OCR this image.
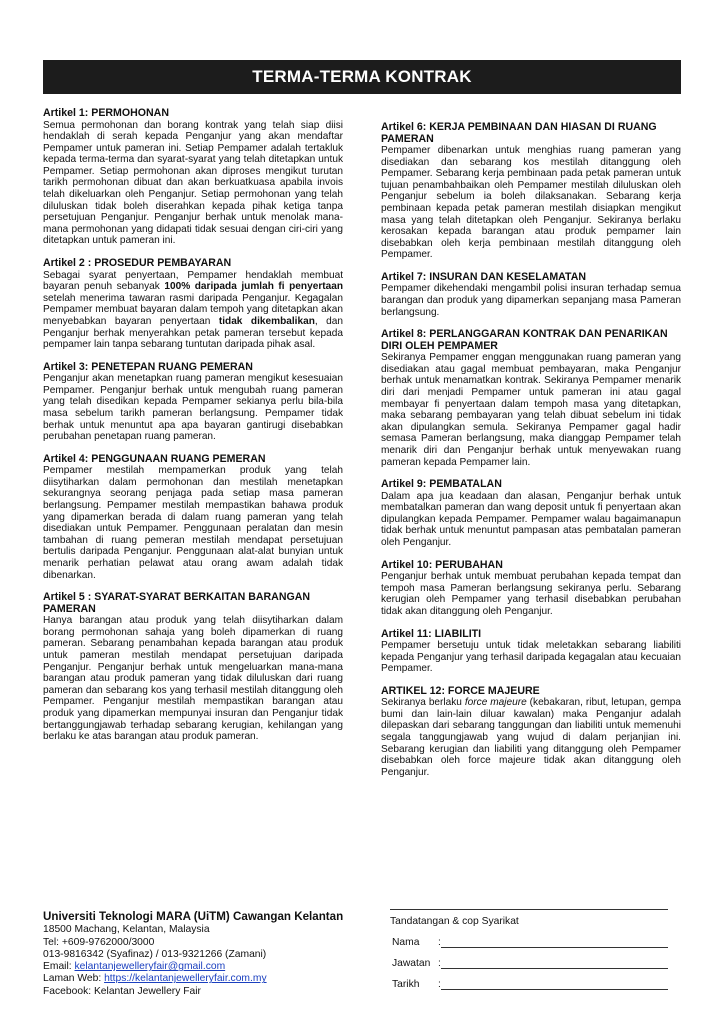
TERMA-TERMA KONTRAK
Artikel 1: PERMOHONAN

Semua permohonan dan borang kontrak yang telah siap diisi hendaklah di serah kepada Penganjur yang akan mendaftar Pempamer untuk pameran ini. Setiap Pempamer adalah tertakluk kepada terma-terma dan syarat-syarat yang telah ditetapkan untuk Pempamer. Setiap permohonan akan diproses mengikut turutan tarikh permohonan dibuat dan akan berkuatkuasa apabila invois telah dikeluarkan oleh Penganjur. Setiap permohonan yang telah diluluskan tidak boleh diserahkan kepada pihak ketiga tanpa persetujuan Penganjur. Penganjur berhak untuk menolak mana-mana permohonan yang didapati tidak sesuai dengan ciri-ciri yang ditetapkan untuk pameran ini.

Artikel 2 : PROSEDUR PEMBAYARAN

Sebagai syarat penyertaan, Pempamer hendaklah membuat bayaran penuh sebanyak 100% daripada jumlah fi penyertaan setelah menerima tawaran rasmi daripada Penganjur. Kegagalan Pempamer membuat bayaran dalam tempoh yang ditetapkan akan menyebabkan bayaran penyertaan tidak dikembalikan, dan Penganjur berhak menyerahkan petak pameran tersebut kepada pempamer lain tanpa sebarang tuntutan daripada pihak asal.

Artikel 3: PENETEPAN RUANG PEMERAN

Penganjur akan menetapkan ruang pameran mengikut kesesuaian Pempamer. Penganjur berhak untuk mengubah ruang pameran yang telah disedikan kepada Pempamer sekianya perlu bila-bila masa sebelum tarikh pameran berlangsung. Pempamer tidak berhak untuk menuntut apa apa bayaran gantirugi disebabkan perubahan penetapan ruang pameran.

Artikel 4: PENGGUNAAN RUANG PEMERAN

Pempamer mestilah mempamerkan produk yang telah diisytiharkan dalam permohonan dan mestilah menetapkan sekurangnya seorang penjaga pada setiap masa pameran berlangsung. Pempamer mestilah mempastikan bahawa produk yang dipamerkan berada di dalam ruang pameran yang telah disediakan untuk Pempamer. Penggunaan peralatan dan mesin tambahan di ruang pemeran mestilah mendapat persetujuan bertulis daripada Penganjur. Penggunaan alat-alat bunyian untuk menarik perhatian pelawat atau orang awam adalah tidak dibenarkan.

Artikel 5 : SYARAT-SYARAT BERKAITAN BARANGAN PAMERAN

Hanya barangan atau produk yang telah diisytiharkan dalam borang permohonan sahaja yang boleh dipamerkan di ruang pameran. Sebarang penambahan kepada barangan atau produk untuk pameran mestilah mendapat persetujuan daripada Penganjur. Penganjur berhak untuk mengeluarkan mana-mana barangan atau produk pameran yang tidak diluluskan dari ruang pameran dan sebarang kos yang terhasil mestilah ditanggung oleh Pempamer. Penganjur mestilah mempastikan barangan atau produk yang dipamerkan mempunyai insuran dan Penganjur tidak bertanggungjawab terhadap sebarang kerugian, kehilangan yang berlaku ke atas barangan atau produk pameran.

Artikel 6: KERJA PEMBINAAN DAN HIASAN DI RUANG PAMERAN

Pempamer dibenarkan untuk menghias ruang pameran yang disediakan dan sebarang kos mestilah ditanggung oleh Pempamer. Sebarang kerja pembinaan pada petak pameran untuk tujuan penambahbaikan oleh Pempamer mestilah diluluskan oleh Penganjur sebelum ia boleh dilaksanakan. Sebarang kerja pembinaan kepada petak pameran mestilah disiapkan mengikut masa yang telah ditetapkan oleh Penganjur. Sekiranya berlaku kerosakan kepada barangan atau produk pempamer lain disebabkan oleh kerja pembinaan mestilah ditanggung oleh Pempamer.

Artikel 7: INSURAN DAN KESELAMATAN

Pempamer dikehendaki mengambil polisi insuran terhadap semua barangan dan produk yang dipamerkan sepanjang masa Pameran berlangsung.

Artikel 8: PERLANGGARAN KONTRAK DAN PENARIKAN DIRI OLEH PEMPAMER

Sekiranya Pempamer enggan menggunakan ruang pameran yang disediakan atau gagal membuat pembayaran, maka Penganjur berhak untuk menamatkan kontrak. Sekiranya Pempamer menarik diri dari menjadi Pempamer untuk pameran ini atau gagal membayar fi penyertaan dalam tempoh masa yang ditetapkan, maka sebarang pembayaran yang telah dibuat sebelum ini tidak akan dipulangkan semula. Sekiranya Pempamer gagal hadir semasa Pameran berlangsung, maka dianggap Pempamer telah menarik diri dan Penganjur berhak untuk menyewakan ruang pameran kepada Pempamer lain.

Artikel 9: PEMBATALAN

Dalam apa jua keadaan dan alasan, Penganjur berhak untuk membatalkan pameran dan wang deposit untuk fi penyertaan akan dipulangkan kepada Pempamer. Pempamer walau bagaimanapun tidak berhak untuk menuntut pampasan atas pembatalan pameran oleh Penganjur.

Artikel 10: PERUBAHAN

Penganjur berhak untuk membuat perubahan kepada tempat dan tempoh masa Pameran berlangsung sekiranya perlu. Sebarang kerugian oleh Pempamer yang terhasil disebabkan perubahan tidak akan ditanggung oleh Penganjur.

Artikel 11: LIABILITI

Pempamer bersetuju untuk tidak meletakkan sebarang liabiliti kepada Penganjur yang terhasil daripada kegagalan atau kecuaian Pempamer.

ARTIKEL 12: FORCE MAJEURE

Sekiranya berlaku force majeure (kebakaran, ribut, letupan, gempa bumi dan lain-lain diluar kawalan) maka Penganjur adalah dilepaskan dari sebarang tanggungan dan liabiliti untuk memenuhi segala tanggungjawab yang wujud di dalam perjanjian ini. Sebarang kerugian dan liabiliti yang ditanggung oleh Pempamer disebabkan oleh force majeure tidak akan ditanggung oleh Penganjur.

Universiti Teknologi MARA (UiTM) Cawangan Kelantan
18500 Machang, Kelantan, Malaysia
Tel: +609-9762000/3000
013-9816342 (Syafinaz) / 013-9321266 (Zamani)
Email: kelantanjewelleryfair@gmail.com
Laman Web: https://kelantanjewelleryfair.com.my
Facebook: Kelantan Jewellery Fair
Tandatangan & cop Syarikat
Nama	:
Jawatan :
Tarikh	:
